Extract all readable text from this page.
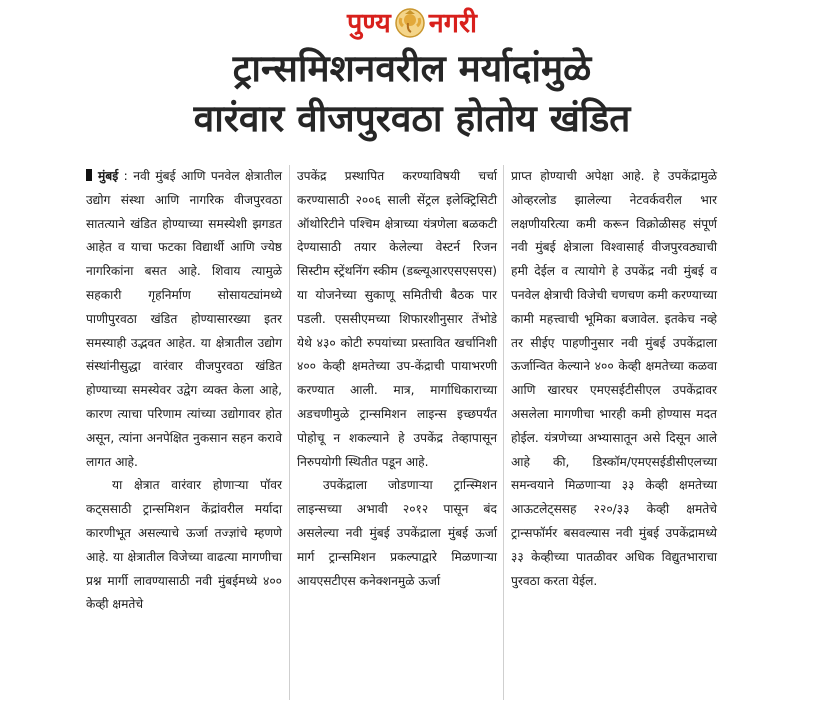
पुण्य नगरी
ट्रान्समिशनवरील मर्यादांमुळे
वारंवार वीजपुरवठा होतोय खंडित

मुंबई : नवी मुंबई आणि पनवेल क्षेत्रातील उद्योग संस्था आणि नागरिक वीजपुरवठा सातत्याने खंडित होण्याच्या समस्येशी झगडत आहेत व याचा फटका विद्यार्थी आणि ज्येष्ठ नागरिकांना बसत आहे. शिवाय त्यामुळे सहकारी गृहनिर्माण सोसायट्यांमध्ये पाणीपुरवठा खंडित होण्यासारख्या इतर समस्याही उद्भवत आहेत. या क्षेत्रातील उद्योग संस्थांनीसुद्धा वारंवार वीजपुरवठा खंडित होण्याच्या समस्येवर उद्वेग व्यक्त केला आहे, कारण त्याचा परिणाम त्यांच्या उद्योगावर होत असून, त्यांना अनपेक्षित नुकसान सहन करावे लागत आहे.

या क्षेत्रात वारंवार होणाऱ्या पॉवर कट्ससाठी ट्रान्समिशन केंद्रांवरील मर्यादा कारणीभूत असल्याचे ऊर्जा तज्ज्ञांचे म्हणणे आहे. या क्षेत्रातील विजेच्या वाढत्या मागणीचा प्रश्न मार्गी लावण्यासाठी नवी मुंबईमध्ये ४०० केव्ही क्षमतेचे

उपकेंद्र प्रस्थापित करण्याविषयी चर्चा करण्यासाठी २००६ साली सेंट्रल इलेक्ट्रिसिटी ऑथोरिटीने पश्चिम क्षेत्राच्या यंत्रणेला बळकटी देण्यासाठी तयार केलेल्या वेस्टर्न रिजन सिस्टीम स्ट्रेंथनिंग स्कीम (डब्ल्यूआरएसएसएस) या योजनेच्या सुकाणू समितीची बैठक पार पडली. एससीएमच्या शिफारशीनुसार तेंभोडे येथे ४३० कोटी रुपयांच्या प्रस्तावित खर्चानिशी ४०० केव्ही क्षमतेच्या उप-केंद्राची पायाभरणी करण्यात आली. मात्र, मार्गाधिकाराच्या अडचणीमुळे ट्रान्समिशन लाइन्स इच्छपर्यंत पोहोचू न शकल्याने हे उपकेंद्र तेव्हापासून निरुपयोगी स्थितीत पडून आहे.

उपकेंद्राला जोडणाऱ्या ट्रान्स्मिशन लाइन्सच्या अभावी २०१२ पासून बंद असलेल्या नवी मुंबई उपकेंद्राला मुंबई ऊर्जा मार्ग ट्रान्समिशन प्रकल्पाद्वारे मिळणाऱ्या आयएसटीएस कनेक्शनमुळे ऊर्जा

प्राप्त होण्याची अपेक्षा आहे. हे उपकेंद्रामुळे ओव्हरलोड झालेल्या नेटवर्कवरील भार लक्षणीयरित्या कमी करून विक्रोळीसह संपूर्ण नवी मुंबई क्षेत्राला विश्वासार्ह वीजपुरवठ्याची हमी देईल व त्यायोगे हे उपकेंद्र नवी मुंबई व पनवेल क्षेत्राची विजेची चणचण कमी करण्याच्या कामी महत्त्वाची भूमिका बजावेल. इतकेच नव्हे तर सीईए पाहणीनुसार नवी मुंबई उपकेंद्राला ऊर्जान्वित केल्याने ४०० केव्ही क्षमतेच्या कळवा आणि खारघर एमएसईटीसीएल उपकेंद्रावर असलेला मागणीचा भारही कमी होण्यास मदत होईल. यंत्रणेच्या अभ्यासातून असे दिसून आले आहे की, डिस्कॉम/एमएसईडीसीएलच्या समन्वयाने मिळणाऱ्या ३३ केव्ही क्षमतेच्या आऊटलेट्ससह २२०/३३ केव्ही क्षमतेचे ट्रान्सफॉर्मर बसवल्यास नवी मुंबई उपकेंद्रामध्ये ३३ केव्हीच्या पातळीवर अधिक विद्युतभाराचा पुरवठा करता येईल.
